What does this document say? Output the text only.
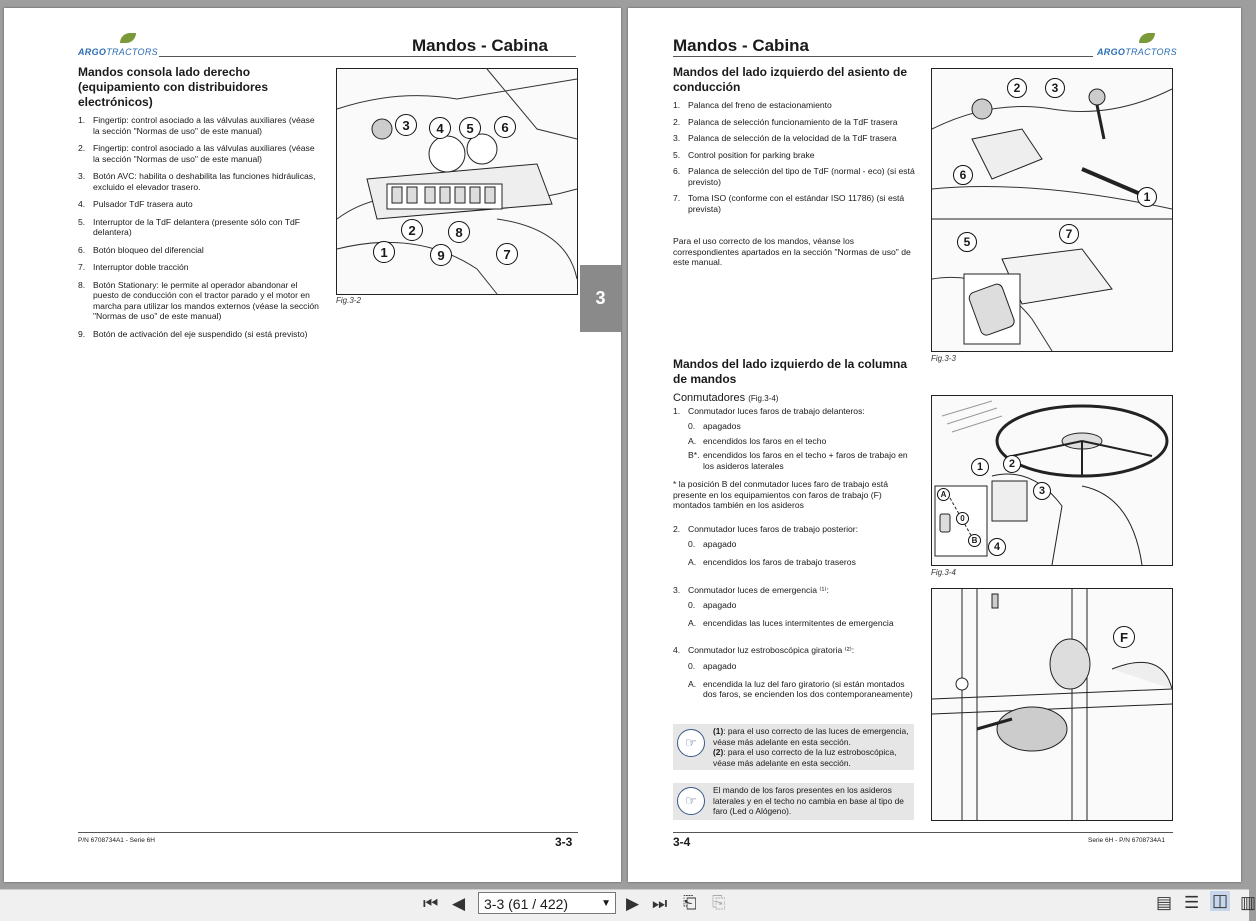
ARGOTRACTORS	Mandos - Cabina
Mandos consola lado derecho (equipamiento con distribuidores electrónicos)
1. Fingertip: control asociado a las válvulas auxiliares (véase la sección "Normas de uso" de este manual)
2. Fingertip: control asociado a las válvulas auxiliares (véase la sección "Normas de uso" de este manual)
3. Botón AVC: habilita o deshabilita las funciones hidráulicas, excluido el elevador trasero.
4. Pulsador TdF trasera auto
5. Interruptor de la TdF delantera (presente sólo con TdF delantera)
6. Botón bloqueo del diferencial
7. Interruptor doble tracción
8. Botón Stationary: le permite al operador abandonar el puesto de conducción con el tractor parado y el motor en marcha para utilizar los mandos externos (véase la sección "Normas de uso" de este manual)
9. Botón de activación del eje suspendido (si está previsto)
1
2
3	4	5	6
7
8
9
Fig.3-2
P/N 6708734A1 - Serie 6H	3-3
3
Mandos - Cabina	ARGOTRACTORS
Mandos del lado izquierdo del asiento de conducción
1. Palanca del freno de estacionamiento
2. Palanca de selección funcionamiento de la TdF trasera
3. Palanca de selección de la velocidad de la TdF trasera
5. Control position for parking brake
6. Palanca de selección del tipo de TdF (normal - eco) (si está previsto)
7. Toma ISO (conforme con el estándar ISO 11786) (si está prevista)
Para el uso correcto de los mandos, véanse los correspondientes apartados en la sección "Normas de uso" de este manual.
2	3
6
1
5
7
Fig.3-3
Mandos del lado izquierdo de la columna de mandos
Conmutadores (Fig.3-4)
1. Conmutador luces faros de trabajo delanteros:
0. apagados
A. encendidos los faros en el techo
B*. encendidos los faros en el techo + faros de trabajo en los asideros laterales
* la posición B del conmutador luces faro de trabajo está presente en los equipamientos con faros de trabajo (F) montados también en los asideros
2. Conmutador luces faros de trabajo posterior:
0. apagado
A. encendidos los faros de trabajo traseros
3. Conmutador luces de emergencia ⁽¹⁾:
0. apagado
A. encendidas las luces intermitentes de emergencia
4. Conmutador luz estroboscópica giratoria ⁽²⁾:
0. apagado
A. encendida la luz del faro giratorio (si están montados dos faros, se encienden los dos contemporaneamente)
☞
(1): para el uso correcto de las luces de emergencia, véase más adelante en esta sección.
(2): para el uso correcto de la luz estroboscópica, véase más adelante en esta sección.
☞
El mando de los faros presentes en los asideros laterales y en el techo no cambia en base al tipo de faro (Led o Alógeno).
1	2
3
4
A
0
B
Fig.3-4
F
3-4	Serie 6H - P/N 6708734A1
⏮ ◀	3-3 (61 / 422)	▼ ▶ ⏭ ⎗ ⎘	▤ ☰ ◫ ▥
